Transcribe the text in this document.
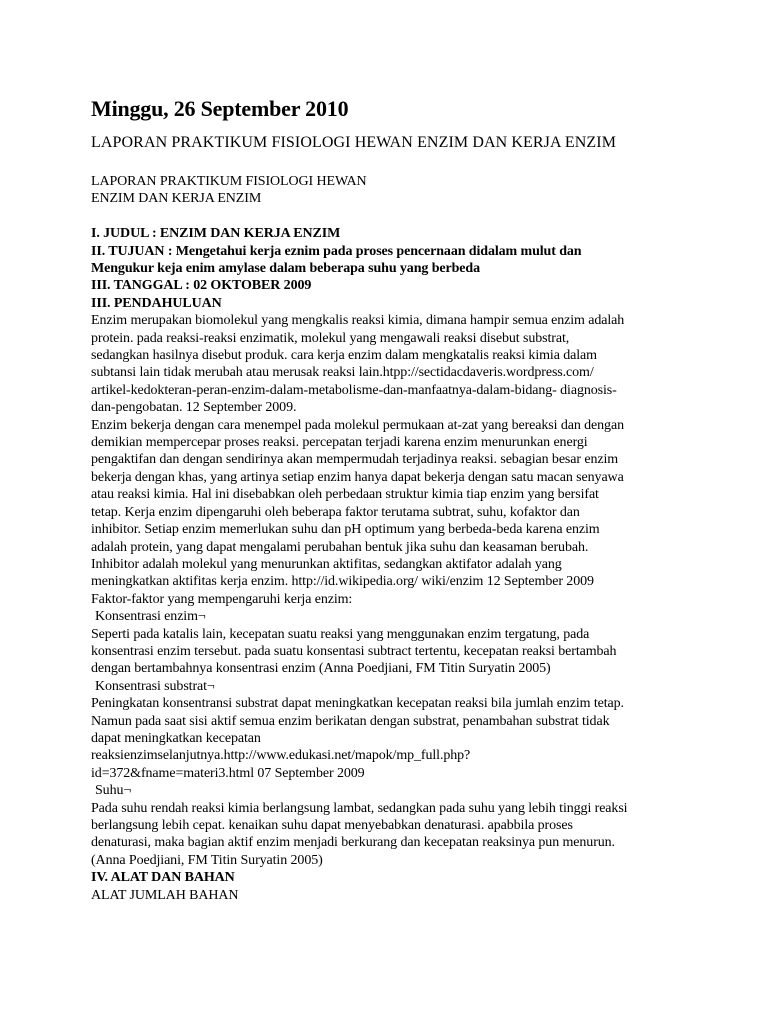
Minggu, 26 September 2010
LAPORAN PRAKTIKUM FISIOLOGI HEWAN ENZIM DAN KERJA ENZIM
LAPORAN PRAKTIKUM FISIOLOGI HEWAN
ENZIM DAN KERJA ENZIM
I. JUDUL : ENZIM DAN KERJA ENZIM
II. TUJUAN : Mengetahui kerja eznim pada proses pencernaan didalam mulut dan
Mengukur keja enim amylase dalam beberapa suhu yang berbeda
III. TANGGAL : 02 OKTOBER 2009
III. PENDAHULUAN
Enzim merupakan biomolekul yang mengkalis reaksi kimia, dimana hampir semua enzim adalah
protein. pada reaksi-reaksi enzimatik, molekul yang mengawali reaksi disebut substrat,
sedangkan hasilnya disebut produk. cara kerja enzim dalam mengkatalis reaksi kimia dalam
subtansi lain tidak merubah atau merusak reaksi lain.htpp://sectidacdaveris.wordpress.com/
artikel-kedokteran-peran-enzim-dalam-metabolisme-dan-manfaatnya-dalam-bidang- diagnosis-
dan-pengobatan. 12 September 2009.
Enzim bekerja dengan cara menempel pada molekul permukaan at-zat yang bereaksi dan dengan
demikian mempercepar proses reaksi. percepatan terjadi karena enzim menurunkan energi
pengaktifan dan dengan sendirinya akan mempermudah terjadinya reaksi. sebagian besar enzim
bekerja dengan khas, yang artinya setiap enzim hanya dapat bekerja dengan satu macan senyawa
atau reaksi kimia. Hal ini disebabkan oleh perbedaan struktur kimia tiap enzim yang bersifat
tetap. Kerja enzim dipengaruhi oleh beberapa faktor terutama subtrat, suhu, kofaktor dan
inhibitor. Setiap enzim memerlukan suhu dan pH optimum yang berbeda-beda karena enzim
adalah protein, yang dapat mengalami perubahan bentuk jika suhu dan keasaman berubah.
Inhibitor adalah molekul yang menurunkan aktifitas, sedangkan aktifator adalah yang
meningkatkan aktifitas kerja enzim. http://id.wikipedia.org/ wiki/enzim 12 September 2009
Faktor-faktor yang mempengaruhi kerja enzim:
Konsentrasi enzim¬
Seperti pada katalis lain, kecepatan suatu reaksi yang menggunakan enzim tergatung, pada
konsentrasi enzim tersebut. pada suatu konsentasi subtract tertentu, kecepatan reaksi bertambah
dengan bertambahnya konsentrasi enzim (Anna Poedjiani, FM Titin Suryatin 2005)
Konsentrasi substrat¬
Peningkatan konsentransi substrat dapat meningkatkan kecepatan reaksi bila jumlah enzim tetap.
Namun pada saat sisi aktif semua enzim berikatan dengan substrat, penambahan substrat tidak
dapat meningkatkan kecepatan
reaksienzimselanjutnya.http://www.edukasi.net/mapok/mp_full.php?
id=372&fname=materi3.html 07 September 2009
Suhu¬
Pada suhu rendah reaksi kimia berlangsung lambat, sedangkan pada suhu yang lebih tinggi reaksi
berlangsung lebih cepat. kenaikan suhu dapat menyebabkan denaturasi. apabbila proses
denaturasi, maka bagian aktif enzim menjadi berkurang dan kecepatan reaksinya pun menurun.
(Anna Poedjiani, FM Titin Suryatin 2005)
IV. ALAT DAN BAHAN
ALAT JUMLAH BAHAN
